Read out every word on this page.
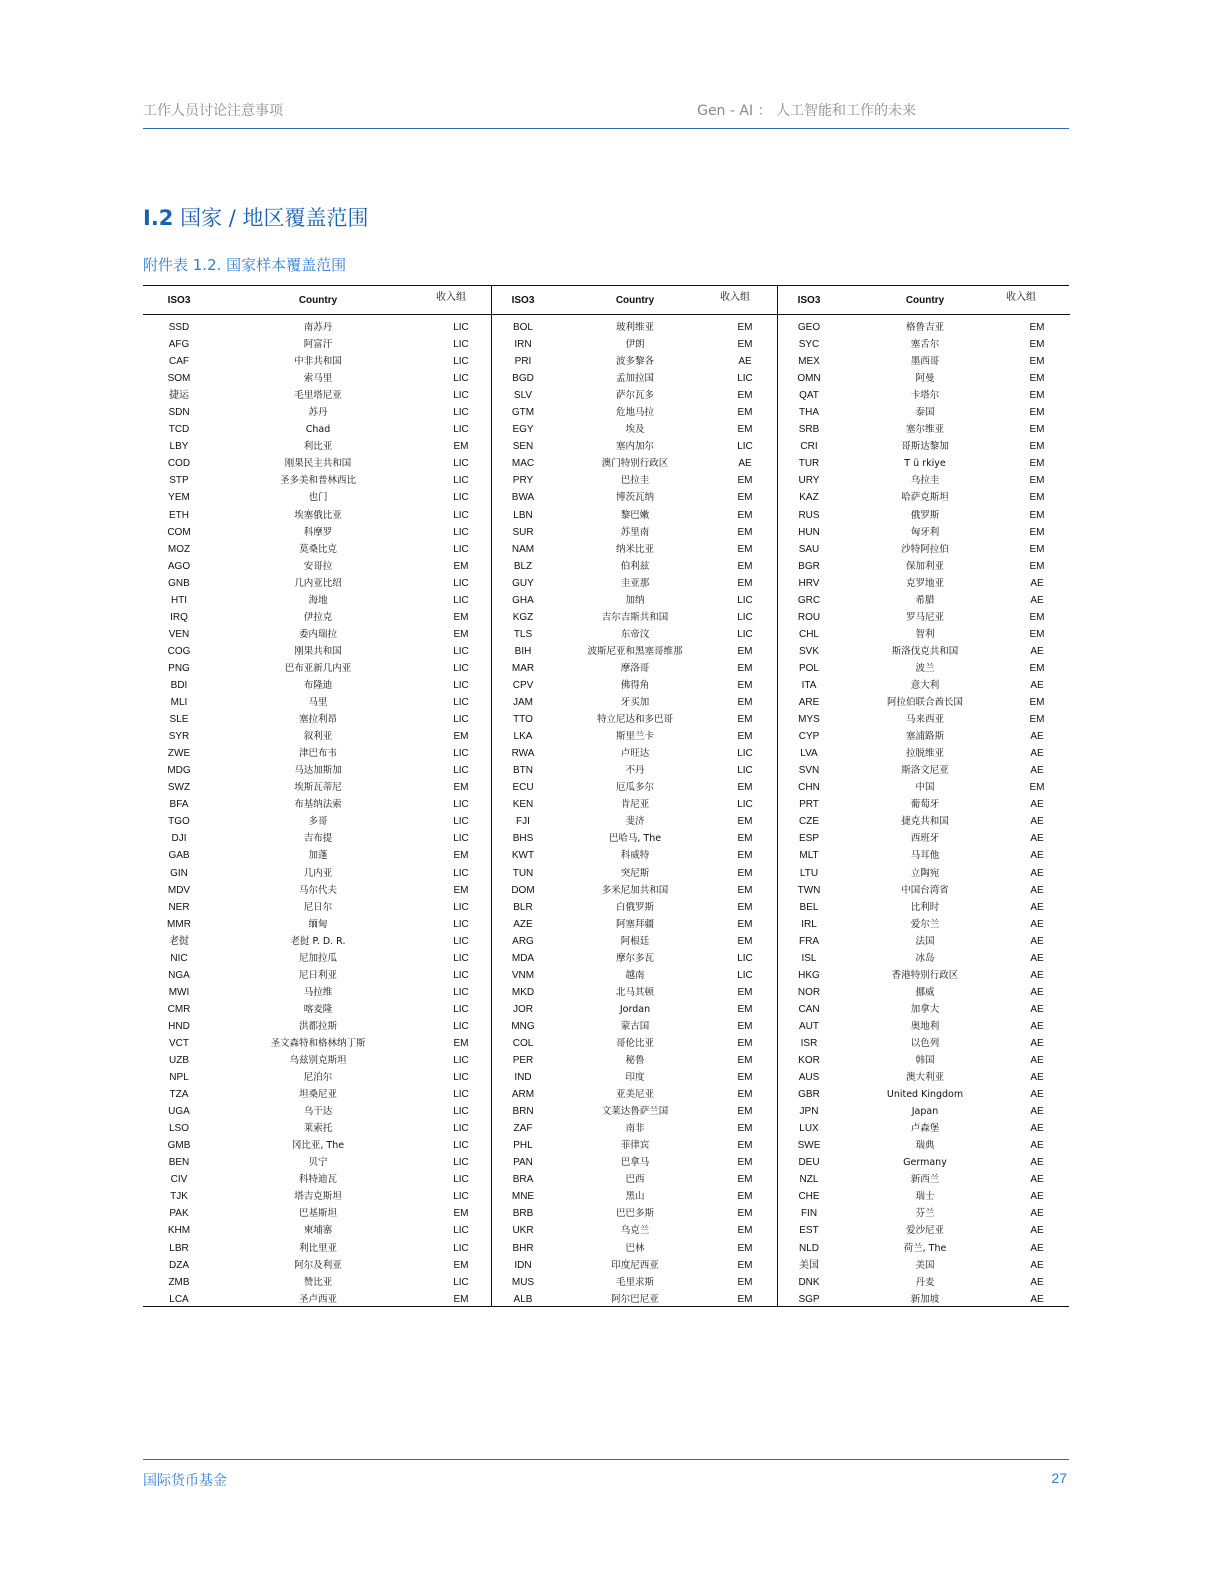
工作人员讨论注意事项	Gen - AI ： 人工智能和工作的未来
I.2 国家 / 地区覆盖范围
附件表 1.2. 国家样本覆盖范围
ISO3	Country	收入组
SSD	南苏丹	LIC
AFG	阿富汗	LIC
CAF	中非共和国	LIC
SOM	索马里	LIC
捷运	毛里塔尼亚	LIC
SDN	苏丹	LIC
TCD	Chad	LIC
LBY	利比亚	EM
COD	刚果民主共和国	LIC
STP	圣多美和普林西比	LIC
YEM	也门	LIC
ETH	埃塞俄比亚	LIC
COM	科摩罗	LIC
MOZ	莫桑比克	LIC
AGO	安哥拉	EM
GNB	几内亚比绍	LIC
HTI	海地	LIC
IRQ	伊拉克	EM
VEN	委内瑞拉	EM
COG	刚果共和国	LIC
PNG	巴布亚新几内亚	LIC
BDI	布隆迪	LIC
MLI	马里	LIC
SLE	塞拉利昂	LIC
SYR	叙利亚	EM
ZWE	津巴布韦	LIC
MDG	马达加斯加	LIC
SWZ	埃斯瓦蒂尼	EM
BFA	布基纳法索	LIC
TGO	多哥	LIC
DJI	吉布提	LIC
GAB	加蓬	EM
GIN	几内亚	LIC
MDV	马尔代夫	EM
NER	尼日尔	LIC
MMR	缅甸	LIC
老挝	老挝 P. D. R.	LIC
NIC	尼加拉瓜	LIC
NGA	尼日利亚	LIC
MWI	马拉维	LIC
CMR	喀麦隆	LIC
HND	洪都拉斯	LIC
VCT	圣文森特和格林纳丁斯	EM
UZB	乌兹别克斯坦	LIC
NPL	尼泊尔	LIC
TZA	坦桑尼亚	LIC
UGA	乌干达	LIC
LSO	莱索托	LIC
GMB	冈比亚, The	LIC
BEN	贝宁	LIC
CIV	科特迪瓦	LIC
TJK	塔吉克斯坦	LIC
PAK	巴基斯坦	EM
KHM	柬埔寨	LIC
LBR	利比里亚	LIC
DZA	阿尔及利亚	EM
ZMB	赞比亚	LIC
LCA	圣卢西亚	EM
ISO3	Country	收入组
BOL	玻利维亚	EM
IRN	伊朗	EM
PRI	波多黎各	AE
BGD	孟加拉国	LIC
SLV	萨尔瓦多	EM
GTM	危地马拉	EM
EGY	埃及	EM
SEN	塞内加尔	LIC
MAC	澳门特别行政区	AE
PRY	巴拉圭	EM
BWA	博茨瓦纳	EM
LBN	黎巴嫩	EM
SUR	苏里南	EM
NAM	纳米比亚	EM
BLZ	伯利兹	EM
GUY	圭亚那	EM
GHA	加纳	LIC
KGZ	吉尔吉斯共和国	LIC
TLS	东帝汶	LIC
BIH	波斯尼亚和黑塞哥维那	EM
MAR	摩洛哥	EM
CPV	佛得角	EM
JAM	牙买加	EM
TTO	特立尼达和多巴哥	EM
LKA	斯里兰卡	EM
RWA	卢旺达	LIC
BTN	不丹	LIC
ECU	厄瓜多尔	EM
KEN	肯尼亚	LIC
FJI	斐济	EM
BHS	巴哈马, The	EM
KWT	科威特	EM
TUN	突尼斯	EM
DOM	多米尼加共和国	EM
BLR	白俄罗斯	EM
AZE	阿塞拜疆	EM
ARG	阿根廷	EM
MDA	摩尔多瓦	LIC
VNM	越南	LIC
MKD	北马其顿	EM
JOR	Jordan	EM
MNG	蒙古国	EM
COL	哥伦比亚	EM
PER	秘鲁	EM
IND	印度	EM
ARM	亚美尼亚	EM
BRN	文莱达鲁萨兰国	EM
ZAF	南非	EM
PHL	菲律宾	EM
PAN	巴拿马	EM
BRA	巴西	EM
MNE	黑山	EM
BRB	巴巴多斯	EM
UKR	乌克兰	EM
BHR	巴林	EM
IDN	印度尼西亚	EM
MUS	毛里求斯	EM
ALB	阿尔巴尼亚	EM
ISO3	Country	收入组
GEO	格鲁吉亚	EM
SYC	塞舌尔	EM
MEX	墨西哥	EM
OMN	阿曼	EM
QAT	卡塔尔	EM
THA	泰国	EM
SRB	塞尔维亚	EM
CRI	哥斯达黎加	EM
TUR	T ü rkiye	EM
URY	乌拉圭	EM
KAZ	哈萨克斯坦	EM
RUS	俄罗斯	EM
HUN	匈牙利	EM
SAU	沙特阿拉伯	EM
BGR	保加利亚	EM
HRV	克罗地亚	AE
GRC	希腊	AE
ROU	罗马尼亚	EM
CHL	智利	EM
SVK	斯洛伐克共和国	AE
POL	波兰	EM
ITA	意大利	AE
ARE	阿拉伯联合酋长国	EM
MYS	马来西亚	EM
CYP	塞浦路斯	AE
LVA	拉脱维亚	AE
SVN	斯洛文尼亚	AE
CHN	中国	EM
PRT	葡萄牙	AE
CZE	捷克共和国	AE
ESP	西班牙	AE
MLT	马耳他	AE
LTU	立陶宛	AE
TWN	中国台湾省	AE
BEL	比利时	AE
IRL	爱尔兰	AE
FRA	法国	AE
ISL	冰岛	AE
HKG	香港特别行政区	AE
NOR	挪威	AE
CAN	加拿大	AE
AUT	奥地利	AE
ISR	以色列	AE
KOR	韩国	AE
AUS	澳大利亚	AE
GBR	United Kingdom	AE
JPN	Japan	AE
LUX	卢森堡	AE
SWE	瑞典	AE
DEU	Germany	AE
NZL	新西兰	AE
CHE	瑞士	AE
FIN	芬兰	AE
EST	爱沙尼亚	AE
NLD	荷兰, The	AE
美国	美国	AE
DNK	丹麦	AE
SGP	新加坡	AE
国际货币基金	27
